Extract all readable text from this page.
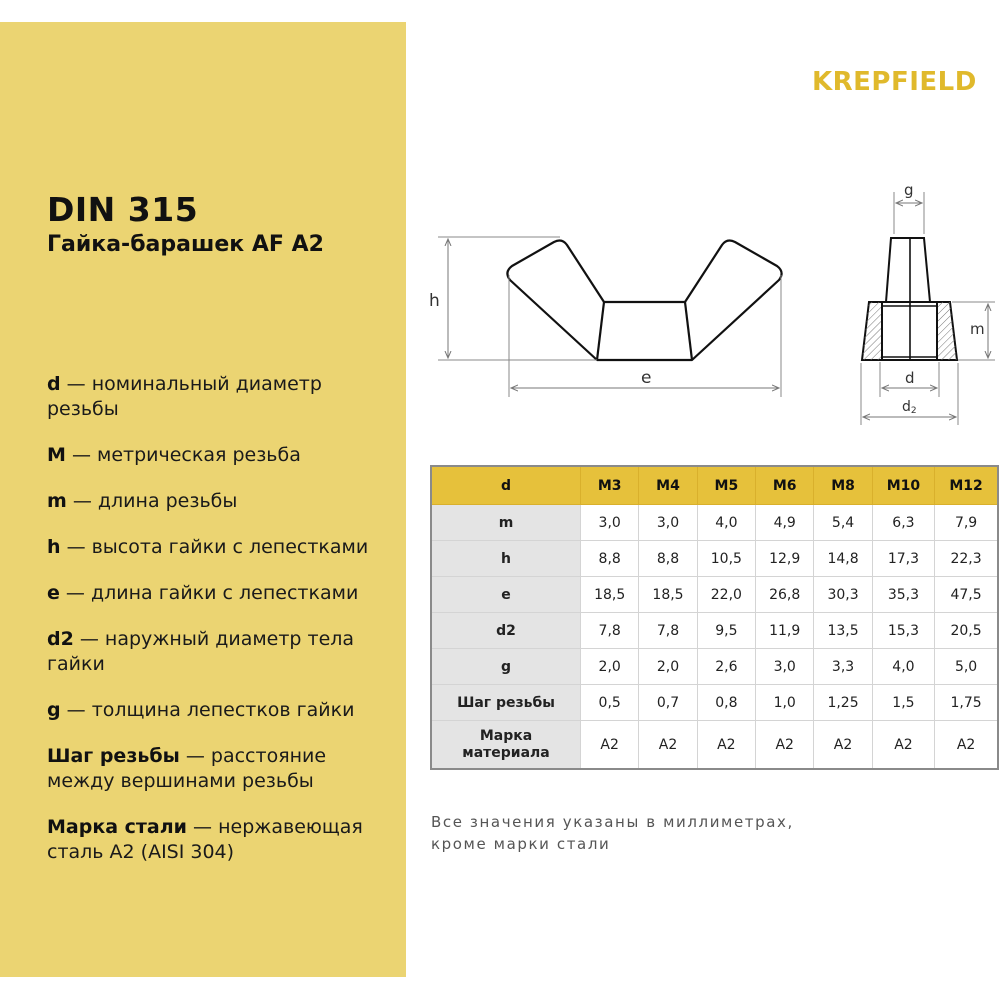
DIN 315
Гайка-барашек AF A2
d — номинальный диаметр резьбы
M — метрическая резьба
m — длина резьбы
h — высота гайки с лепестками
e — длина гайки с лепестками
d2 — наружный диаметр тела гайки
g — толщина лепестков гайки
Шаг резьбы — расстояние между вершинами резьбы
Марка стали — нержавеющая сталь A2 (AISI 304)
KREPFIELD
h
e
g
m
d
d2
d	M3	M4	M5	M6	M8	M10	M12
m	3,0	3,0	4,0	4,9	5,4	6,3	7,9
h	8,8	8,8	10,5	12,9	14,8	17,3	22,3
e	18,5	18,5	22,0	26,8	30,3	35,3	47,5
d2	7,8	7,8	9,5	11,9	13,5	15,3	20,5
g	2,0	2,0	2,6	3,0	3,3	4,0	5,0
Шаг резьбы	0,5	0,7	0,8	1,0	1,25	1,5	1,75
Марка
материала	A2	A2	A2	A2	A2	A2	A2
Все значения указаны в миллиметрах,
кроме марки стали
